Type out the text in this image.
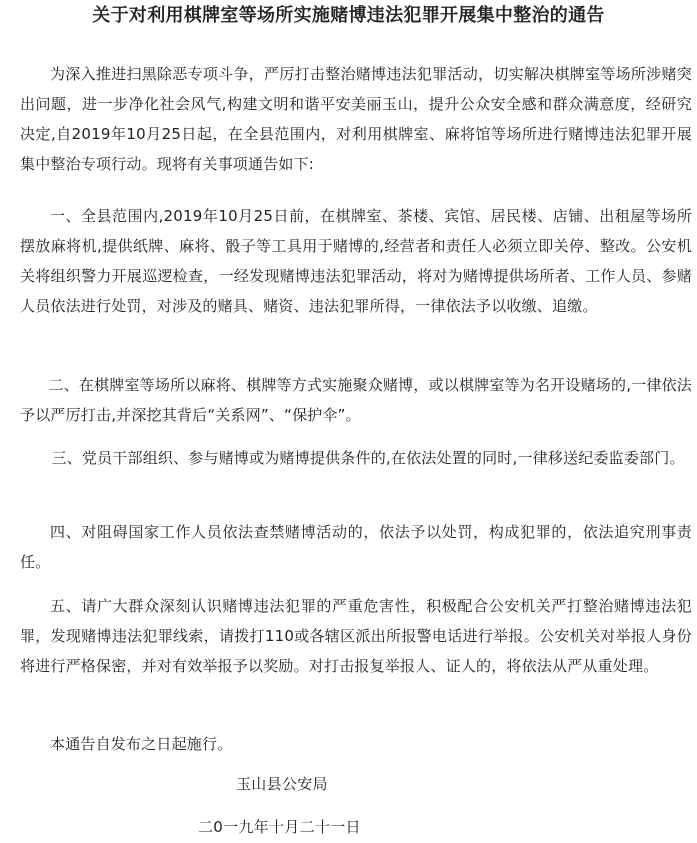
关于对利用棋牌室等场所实施赌博违法犯罪开展集中整治的通告

为深入推进扫黑除恶专项斗争，严厉打击整治赌博违法犯罪活动，切实解决棋牌室等场所涉赌突出问题，进一步净化社会风气,构建文明和谐平安美丽玉山，提升公众安全感和群众满意度，经研究决定,自2019年10月25日起，在全县范围内，对利用棋牌室、麻将馆等场所进行赌博违法犯罪开展集中整治专项行动。现将有关事项通告如下:

一、全县范围内,2019年10月25日前，在棋牌室、茶楼、宾馆、居民楼、店铺、出租屋等场所摆放麻将机,提供纸牌、麻将、骰子等工具用于赌博的,经营者和责任人必须立即关停、整改。公安机关将组织警力开展巡逻检查，一经发现赌博违法犯罪活动，将对为赌博提供场所者、工作人员、参赌人员依法进行处罚，对涉及的赌具、赌资、违法犯罪所得，一律依法予以收缴、追缴。

二、在棋牌室等场所以麻将、棋牌等方式实施聚众赌博，或以棋牌室等为名开设赌场的,一律依法予以严厉打击,并深挖其背后“关系网”、“保护伞”。

三、党员干部组织、参与赌博或为赌博提供条件的,在依法处置的同时,一律移送纪委监委部门。

四、对阻碍国家工作人员依法查禁赌博活动的，依法予以处罚，构成犯罪的，依法追究刑事责任。

五、请广大群众深刻认识赌博违法犯罪的严重危害性，积极配合公安机关严打整治赌博违法犯罪，发现赌博违法犯罪线索，请拨打110或各辖区派出所报警电话进行举报。公安机关对举报人身份将进行严格保密，并对有效举报予以奖励。对打击报复举报人、证人的，将依法从严从重处理。

本通告自发布之日起施行。

玉山县公安局

二0一九年十月二十一日
